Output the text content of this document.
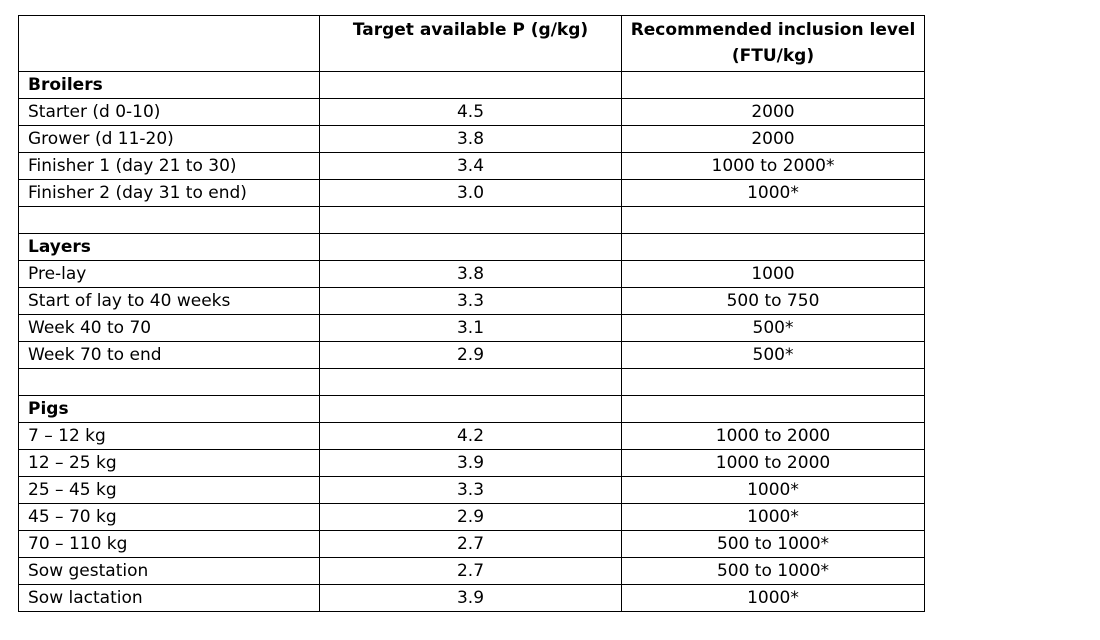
	Target available P (g/kg)	Recommended inclusion level (FTU/kg)
Broilers		
Starter (d 0-10)	4.5	2000
Grower (d 11-20)	3.8	2000
Finisher 1 (day 21 to 30)	3.4	1000 to 2000*
Finisher 2 (day 31 to end)	3.0	1000*

Layers		
Pre-lay	3.8	1000
Start of lay to 40 weeks	3.3	500 to 750
Week 40 to 70	3.1	500*
Week 70 to end	2.9	500*

Pigs		
7 – 12 kg	4.2	1000 to 2000
12 – 25 kg	3.9	1000 to 2000
25 – 45 kg	3.3	1000*
45 – 70 kg	2.9	1000*
70 – 110 kg	2.7	500 to 1000*
Sow gestation	2.7	500 to 1000*
Sow lactation	3.9	1000*
